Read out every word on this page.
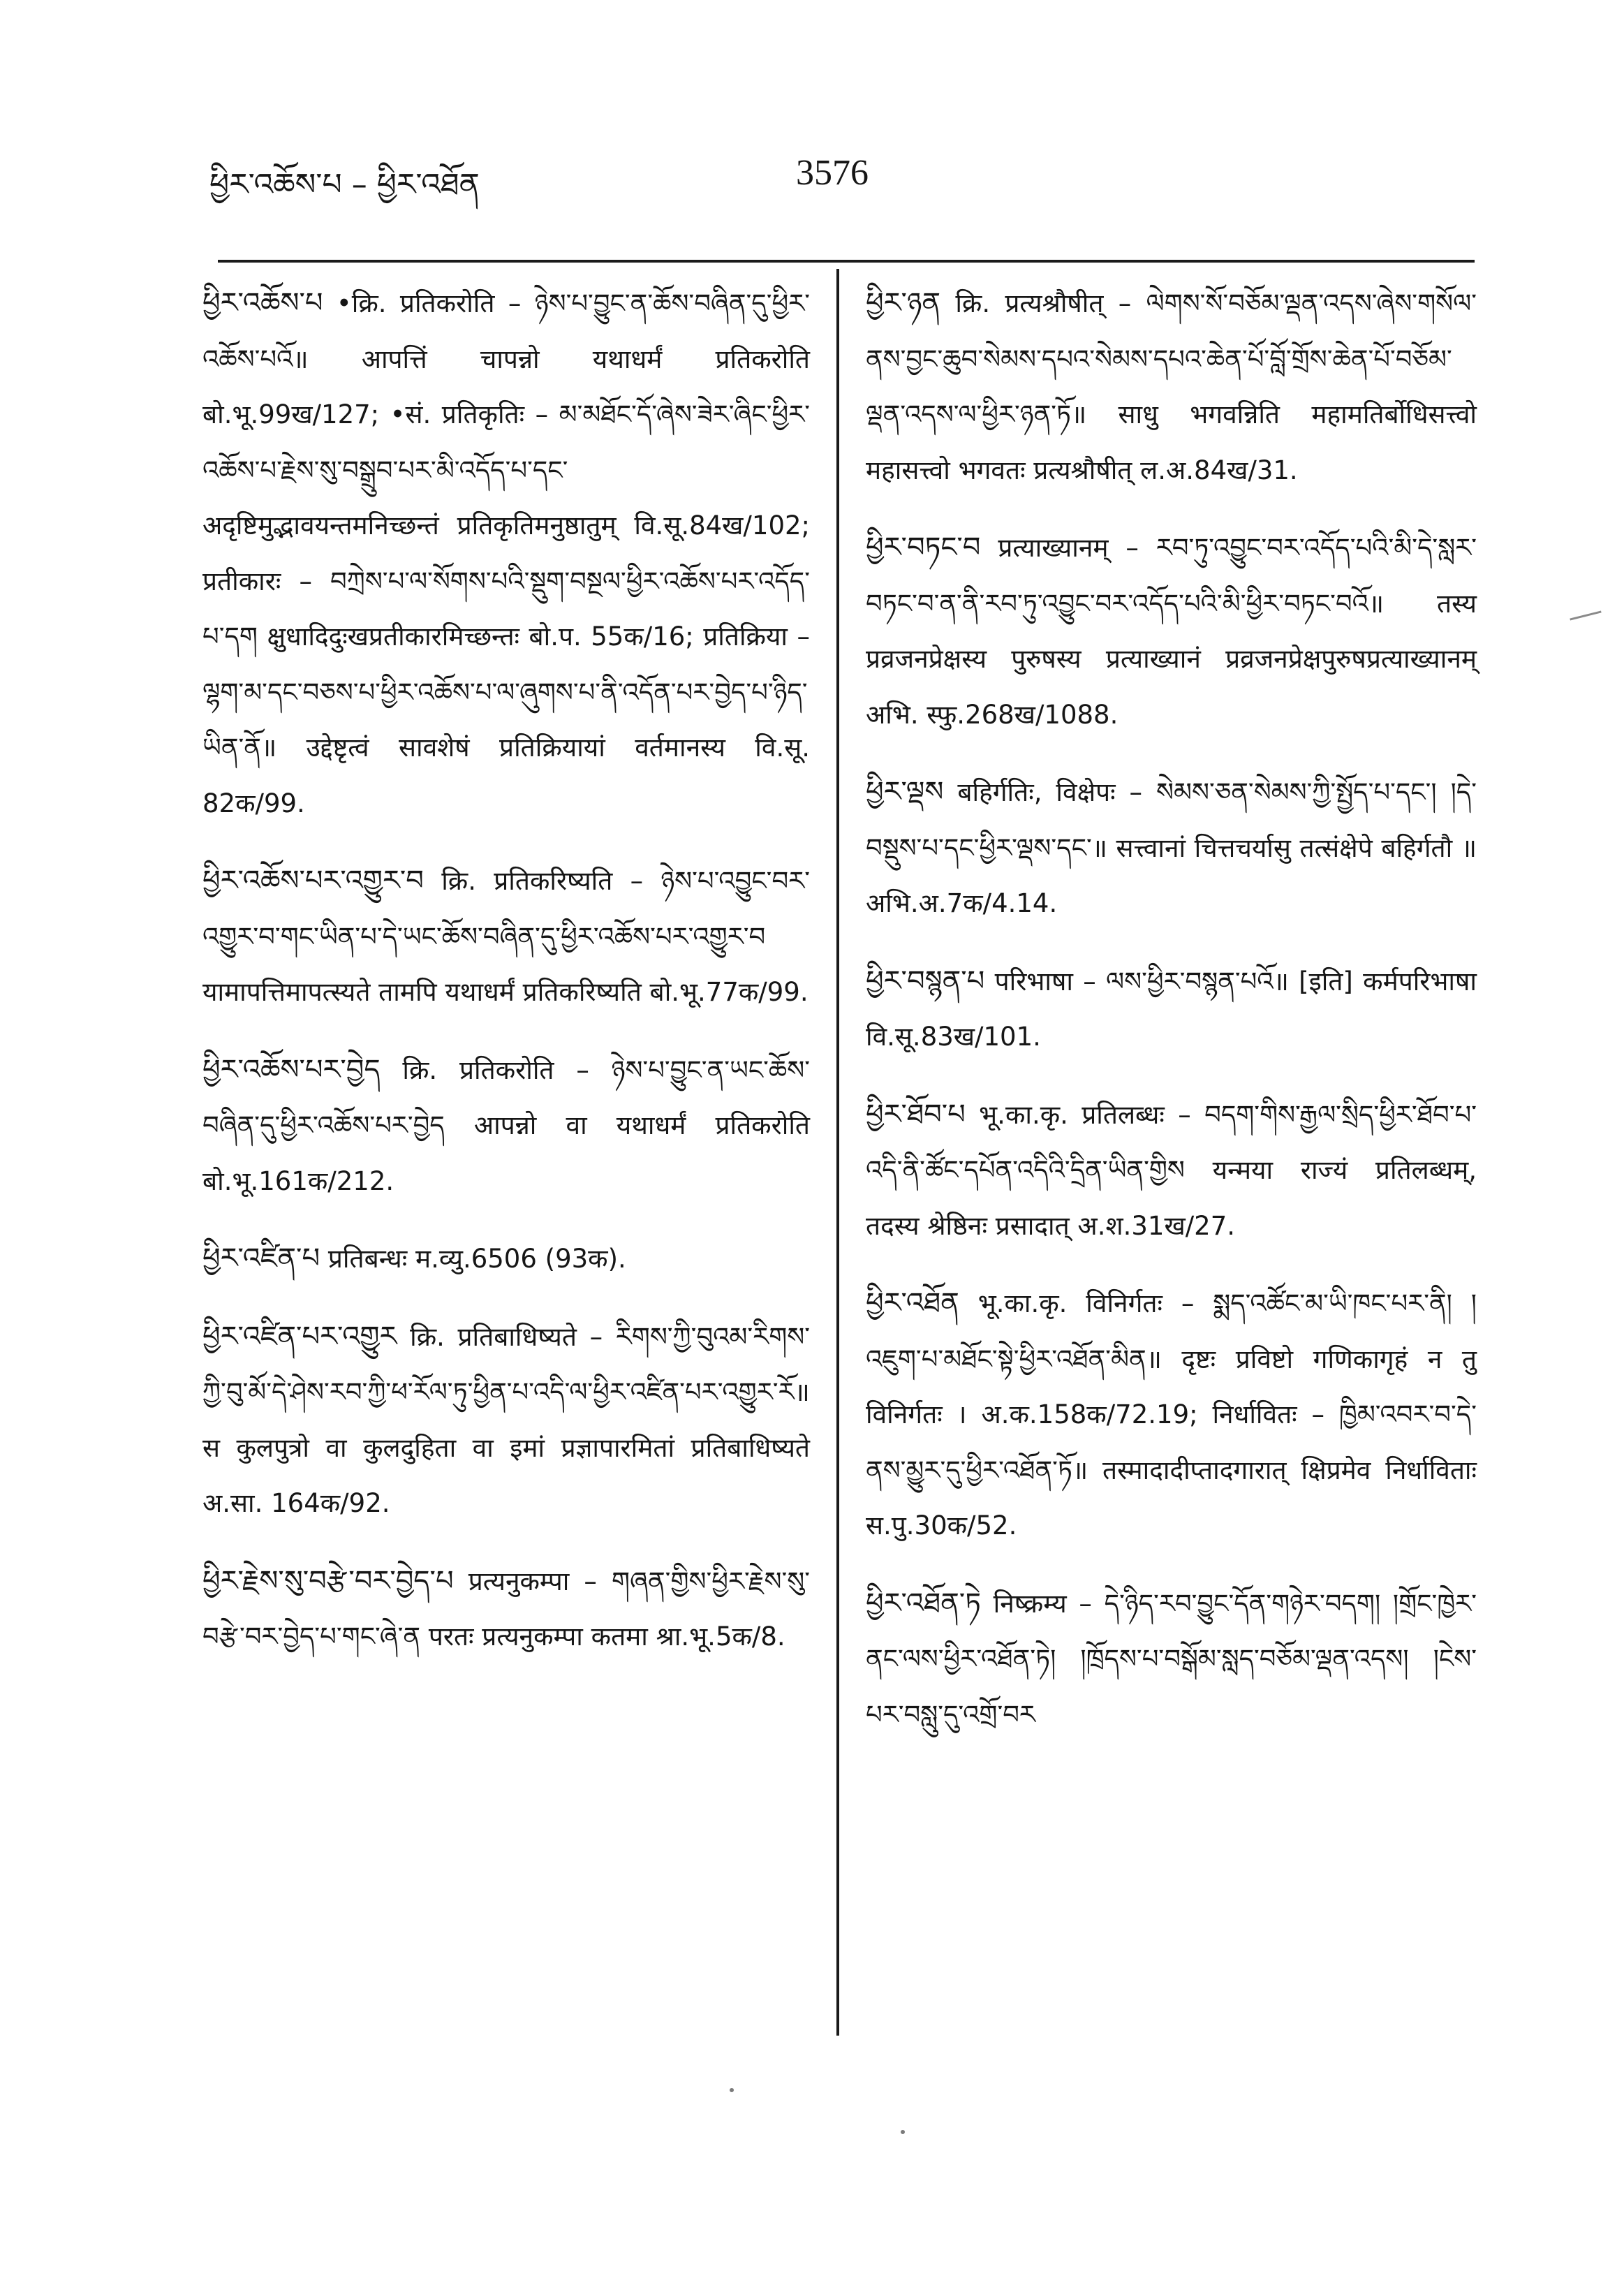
ཕྱིར་འཆོས་པ – ཕྱིར་འཐོན	3576
ཕྱིར་འཆོས་པ •क्रि. प्रतिकरोति – ཉེས་པ་བྱུང་ན་ཆོས་བཞིན་དུ་ཕྱིར་འཆོས་པའོ॥ आपत्तिं चापन्नो यथाधर्मं प्रतिकरोति बो.भू.99ख/127; •सं. प्रतिकृतिः – མ་མཐོང་དོ་ཞེས་ཟེར་ཞིང་ཕྱིར་འཆོས་པ་རྗེས་སུ་བསྒྲུབ་པར་མི་འདོད་པ་དང་ अदृष्टिमुद्भावयन्तमनिच्छन्तं प्रतिकृतिमनुष्ठातुम् वि.सू.84ख/102; प्रतीकारः – བཀྲེས་པ་ལ་སོགས་པའི་སྡུག་བསྔལ་ཕྱིར་འཆོས་པར་འདོད་པ་དག क्षुधादिदुःखप्रतीकारमिच्छन्तः बो.प. 55क/16; प्रतिक्रिया – ལྷག་མ་དང་བཅས་པ་ཕྱིར་འཆོས་པ་ལ་ཞུགས་པ་ནི་འདོན་པར་བྱེད་པ་ཉིད་ཡིན་ནོ॥ उद्देष्टृत्वं सावशेषं प्रतिक्रियायां वर्तमानस्य वि.सू. 82क/99.
ཕྱིར་འཆོས་པར་འགྱུར་བ क्रि. प्रतिकरिष्यति – ཉེས་པ་འབྱུང་བར་འགྱུར་བ་གང་ཡིན་པ་དེ་ཡང་ཆོས་བཞིན་དུ་ཕྱིར་འཆོས་པར་འགྱུར་བ यामापत्तिमापत्स्यते तामपि यथाधर्मं प्रतिकरिष्यति बो.भू.77क/99.
ཕྱིར་འཆོས་པར་བྱེད क्रि. प्रतिकरोति – ཉེས་པ་བྱུང་ན་ཡང་ཆོས་བཞིན་དུ་ཕྱིར་འཆོས་པར་བྱེད आपन्नो वा यथाधर्मं प्रतिकरोति बो.भू.161क/212.
ཕྱིར་འཛིན་པ प्रतिबन्धः म.व्यु.6506 (93क).
ཕྱིར་འཛིན་པར་འགྱུར क्रि. प्रतिबाधिष्यते – རིགས་ཀྱི་བུའམ་རིགས་ཀྱི་བུ་མོ་དེ་ཤེས་རབ་ཀྱི་ཕ་རོལ་ཏུ་ཕྱིན་པ་འདི་ལ་ཕྱིར་འཛིན་པར་འགྱུར་རོ॥ स कुलपुत्रो वा कुलदुहिता वा इमां प्रज्ञापारमितां प्रतिबाधिष्यते अ.सा. 164क/92.
ཕྱིར་རྗེས་སུ་བརྩེ་བར་བྱེད་པ प्रत्यनुकम्पा – གཞན་གྱིས་ཕྱིར་རྗེས་སུ་བརྩེ་བར་བྱེད་པ་གང་ཞེ་ན परतः प्रत्यनुकम्पा कतमा श्रा.भू.5क/8.
ཕྱིར་ཉན क्रि. प्रत्यश्रौषीत् – ལེགས་སོ་བཅོམ་ལྡན་འདས་ཞེས་གསོལ་ནས་བྱང་ཆུབ་སེམས་དཔའ་སེམས་དཔའ་ཆེན་པོ་བློ་གྲོས་ཆེན་པོ་བཅོམ་ལྡན་འདས་ལ་ཕྱིར་ཉན་ཏོ॥ साधु भगवन्निति महामतिर्बोधिसत्त्वो महासत्त्वो भगवतः प्रत्यश्रौषीत् ल.अ.84ख/31.
ཕྱིར་བཏང་བ प्रत्याख्यानम् – རབ་ཏུ་འབྱུང་བར་འདོད་པའི་མི་དེ་སླར་བཏང་བ་ན་ནི་རབ་ཏུ་འབྱུང་བར་འདོད་པའི་མི་ཕྱིར་བཏང་བའོ॥ तस्य प्रव्रजनप्रेक्षस्य पुरुषस्य प्रत्याख्यानं प्रव्रजनप्रेक्षपुरुषप्रत्याख्यानम् अभि. स्फु.268ख/1088.
ཕྱིར་ལྡས बहिर्गतिः, विक्षेपः – སེམས་ཅན་སེམས་ཀྱི་སྤྱོད་པ་དང་། །དེ་བསྡུས་པ་དང་ཕྱིར་ལྡས་དང་॥ सत्त्वानां चित्तचर्यासु तत्संक्षेपे बहिर्गतौ ॥ अभि.अ.7क/4.14.
ཕྱིར་བསྙན་པ परिभाषा – ལས་ཕྱིར་བསྙན་པའོ॥ [इति] कर्मपरिभाषा वि.सू.83ख/101.
ཕྱིར་ཐོབ་པ भू.का.कृ. प्रतिलब्धः – བདག་གིས་རྒྱལ་སྲིད་ཕྱིར་ཐོབ་པ་འདི་ནི་ཚོང་དཔོན་འདིའི་དྲིན་ཡིན་གྱིས यन्मया राज्यं प्रतिलब्धम्, तदस्य श्रेष्ठिनः प्रसादात् अ.श.31ख/27.
ཕྱིར་འཐོན भू.का.कृ. विनिर्गतः – སྨད་འཚོང་མ་ཡི་ཁང་པར་ནི། །འཇུག་པ་མཐོང་སྟེ་ཕྱིར་འཐོན་མིན॥ दृष्टः प्रविष्टो गणिकागृहं न तु विनिर्गतः । अ.क.158क/72.19; निर्धावितः – ཁྱིམ་འབར་བ་དེ་ནས་མྱུར་དུ་ཕྱིར་འཐོན་ཏོ॥ तस्मादादीप्तादगारात् क्षिप्रमेव निर्धाविताः स.पु.30क/52.
ཕྱིར་འཐོན་ཏེ निष्क्रम्य – དེ་ཉིད་རབ་བྱུང་དོན་གཉེར་བདག། །གྲོང་ཁྱེར་ནང་ལས་ཕྱིར་འཐོན་ཏེ། །ཁྲོདས་པ་བསྒོམ་སླད་བཅོམ་ལྡན་འདས། །ངེས་པར་བསླུ་དུ་འགྲོ་བར
